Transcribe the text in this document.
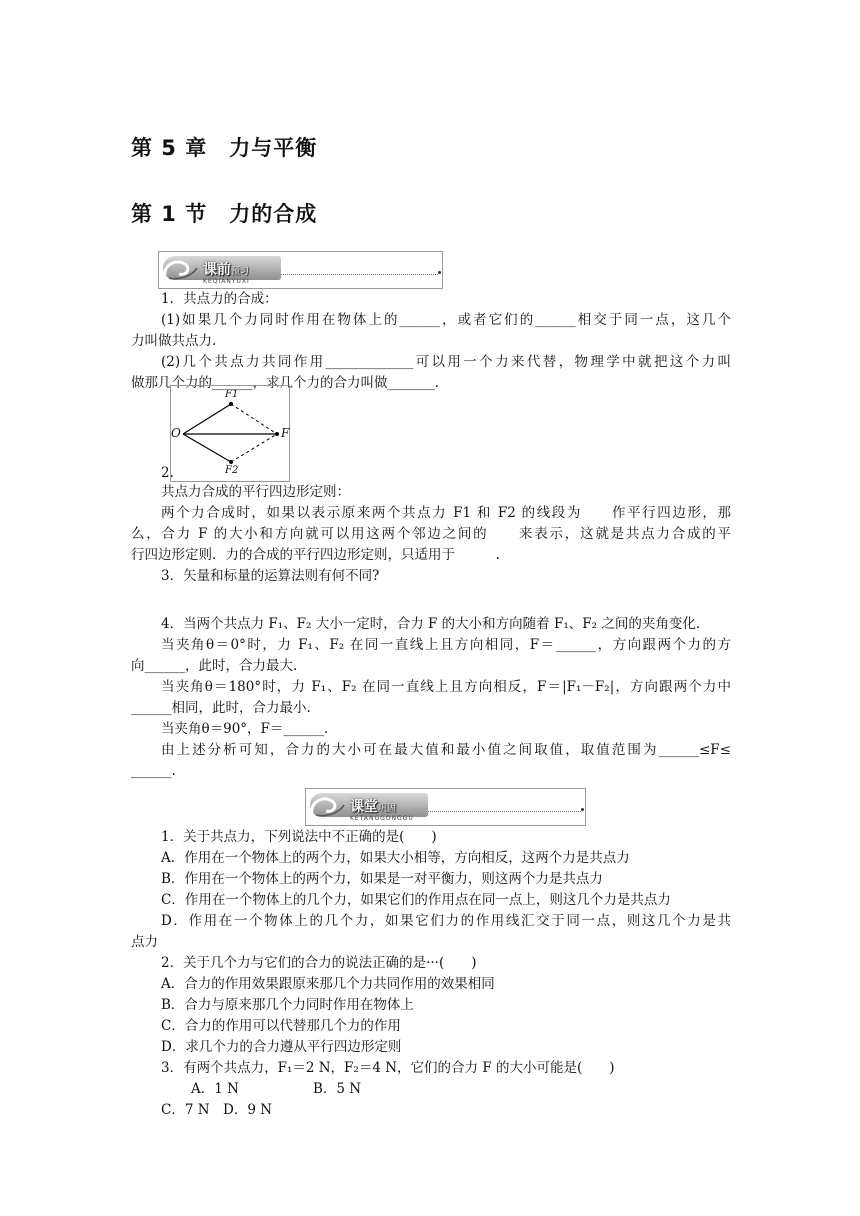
第 5 章　力与平衡
第 1 节　力的合成
课前预习
KEQIANYUXI
1．共点力的合成：
(1)如果几个力同时作用在物体上的______，或者它们的______相交于同一点，这几个
力叫做共点力.
(2)几个共点力共同作用_____________可以用一个力来代替，物理学中就把这个力叫
做那几个力的______，求几个力的合力叫做_______.
F1
O	F
F2
2.
共点力合成的平行四边形定则：
两个力合成时，如果以表示原来两个共点力 F1 和 F2 的线段为　　作平行四边形，那
么，合力 F 的大小和方向就可以用这两个邻边之间的　　来表示，这就是共点力合成的平
行四边形定则．力的合成的平行四边形定则，只适用于　　　.
3．矢量和标量的运算法则有何不同?
4．当两个共点力 F₁、F₂ 大小一定时，合力 F 的大小和方向随着 F₁、F₂ 之间的夹角变化.
当夹角θ＝0°时，力 F₁、F₂ 在同一直线上且方向相同，F＝______，方向跟两个力的方
向______，此时，合力最大.
当夹角θ＝180°时，力 F₁、F₂ 在同一直线上且方向相反，F＝|F₁－F₂|，方向跟两个力中
______相同，此时，合力最小.
当夹角θ＝90°，F＝______.
由上述分析可知，合力的大小可在最大值和最小值之间取值，取值范围为______≤F≤
______.
课堂巩固
KETANGGONGGU
1．关于共点力，下列说法中不正确的是(　　)
A．作用在一个物体上的两个力，如果大小相等，方向相反，这两个力是共点力
B．作用在一个物体上的两个力，如果是一对平衡力，则这两个力是共点力
C．作用在一个物体上的几个力，如果它们的作用点在同一点上，则这几个力是共点力
D．作用在一个物体上的几个力，如果它们力的作用线汇交于同一点，则这几个力是共
点力
2．关于几个力与它们的合力的说法正确的是···(　　)
A．合力的作用效果跟原来那几个力共同作用的效果相同
B．合力与原来那几个力同时作用在物体上
C．合力的作用可以代替那几个力的作用
D．求几个力的合力遵从平行四边形定则
3．有两个共点力，F₁＝2 N，F₂＝4 N，它们的合力 F 的大小可能是(　　)
A．1 N	B．5 N
C．7 N　D．9 N
